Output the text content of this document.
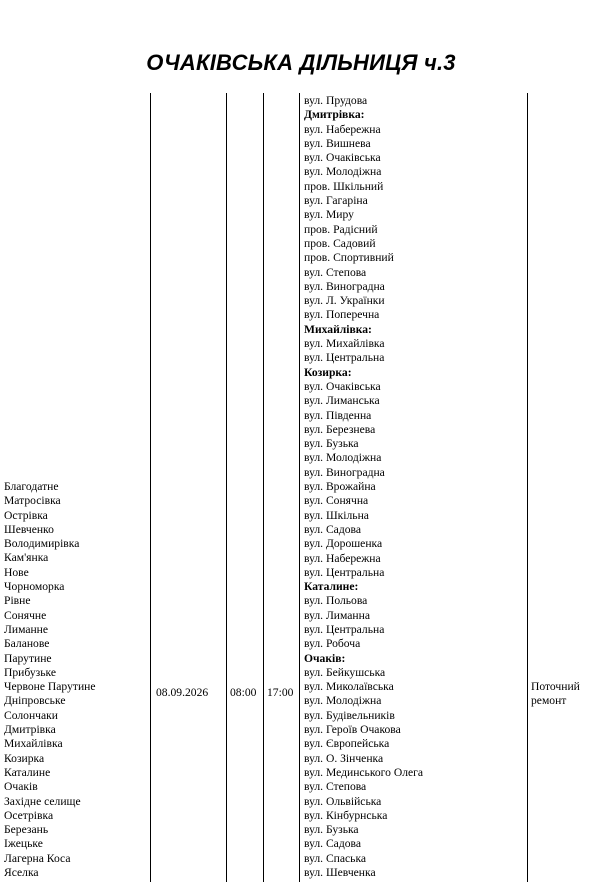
ОЧАКІВСЬКА ДІЛЬНИЦЯ ч.3
Благодатне
Матросівка
Острівка
Шевченко
Володимирівка
Кам'янка
Нове
Чорноморка
Рівне
Сонячне
Лиманне
Баланове
Парутине
Прибузьке
Червоне Парутине
Дніпровське
Солончаки
Дмитрівка
Михайлівка
Козирка
Каталине
Очаків
Західне селище
Осетрівка
Березань
Іжецьке
Лагерна Коса
Яселка
08.09.2026 08:00 17:00
вул. Прудова
Дмитрівка:
вул. Набережна
вул. Вишнева
вул. Очаківська
вул. Молодіжна
пров. Шкільний
вул. Гагаріна
вул. Миру
пров. Радісний
пров. Садовий
пров. Спортивний
вул. Степова
вул. Виноградна
вул. Л. Українки
вул. Поперечна
Михайлівка:
вул. Михайлівка
вул. Центральна
Козирка:
вул. Очаківська
вул. Лиманська
вул. Південна
вул. Березнева
вул. Бузька
вул. Молодіжна
вул. Виноградна
вул. Врожайна
вул. Сонячна
вул. Шкільна
вул. Садова
вул. Дорошенка
вул. Набережна
вул. Центральна
Каталине:
вул. Польова
вул. Лиманна
вул. Центральна
вул. Робоча
Очаків:
вул. Бейкушська
вул. Миколаївська
вул. Молодіжна
вул. Будівельників
вул. Героїв Очакова
вул. Європейська
вул. О. Зінченка
вул. Мединського Олега
вул. Степова
вул. Ольвійська
вул. Кінбурнська
вул. Бузька
вул. Садова
вул. Спаська
вул. Шевченка
Поточний ремонт
